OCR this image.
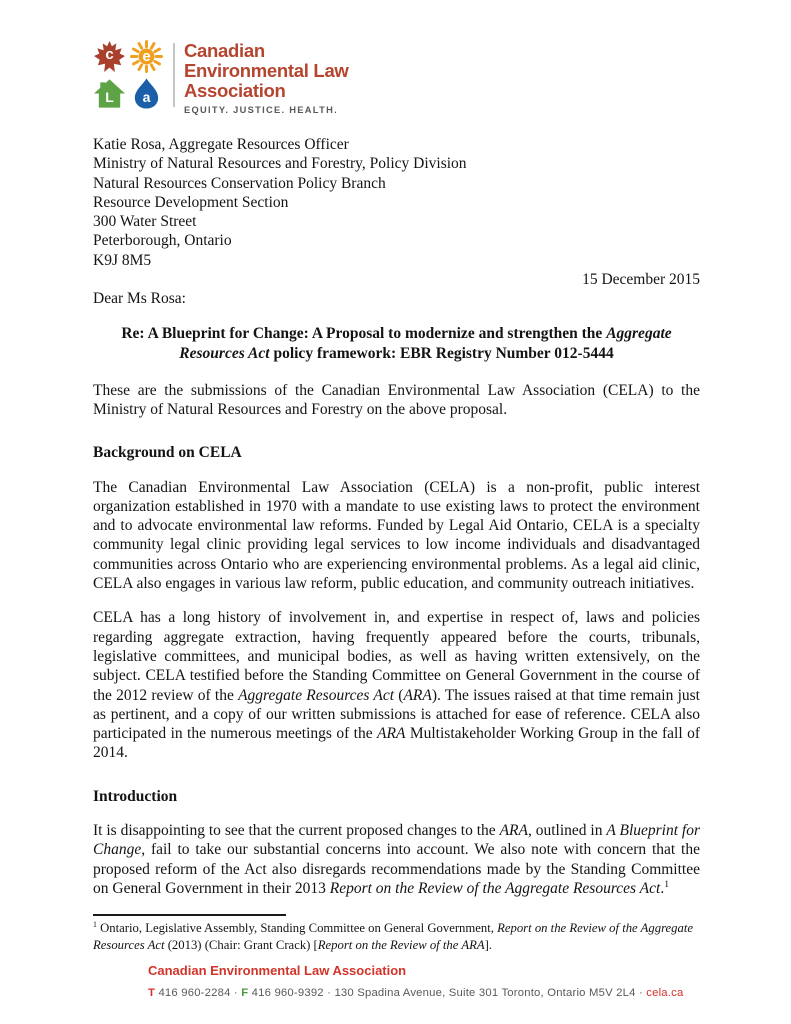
c	e
L	a
Canadian
Environmental Law
Association
EQUITY. JUSTICE. HEALTH.
Katie Rosa, Aggregate Resources Officer
Ministry of Natural Resources and Forestry, Policy Division
Natural Resources Conservation Policy Branch
Resource Development Section
300 Water Street
Peterborough, Ontario
K9J 8M5
15 December 2015
Dear Ms Rosa:
Re: A Blueprint for Change: A Proposal to modernize and strengthen the Aggregate Resources Act policy framework: EBR Registry Number 012-5444

These are the submissions of the Canadian Environmental Law Association (CELA) to the Ministry of Natural Resources and Forestry on the above proposal.

Background on CELA

The Canadian Environmental Law Association (CELA) is a non-profit, public interest organization established in 1970 with a mandate to use existing laws to protect the environment and to advocate environmental law reforms. Funded by Legal Aid Ontario, CELA is a specialty community legal clinic providing legal services to low income individuals and disadvantaged communities across Ontario who are experiencing environmental problems. As a legal aid clinic, CELA also engages in various law reform, public education, and community outreach initiatives.

CELA has a long history of involvement in, and expertise in respect of, laws and policies regarding aggregate extraction, having frequently appeared before the courts, tribunals, legislative committees, and municipal bodies, as well as having written extensively, on the subject. CELA testified before the Standing Committee on General Government in the course of the 2012 review of the Aggregate Resources Act (ARA). The issues raised at that time remain just as pertinent, and a copy of our written submissions is attached for ease of reference. CELA also participated in the numerous meetings of the ARA Multistakeholder Working Group in the fall of 2014.

Introduction

It is disappointing to see that the current proposed changes to the ARA, outlined in A Blueprint for Change, fail to take our substantial concerns into account. We also note with concern that the proposed reform of the Act also disregards recommendations made by the Standing Committee on General Government in their 2013 Report on the Review of the Aggregate Resources Act.$^1$

$^1$ Ontario, Legislative Assembly, Standing Committee on General Government, Report on the Review of the Aggregate Resources Act (2013) (Chair: Grant Crack) [Report on the Review of the ARA].

Canadian Environmental Law Association
T 416 960-2284 · F 416 960-9392 · 130 Spadina Avenue, Suite 301 Toronto, Ontario M5V 2L4 · cela.ca
